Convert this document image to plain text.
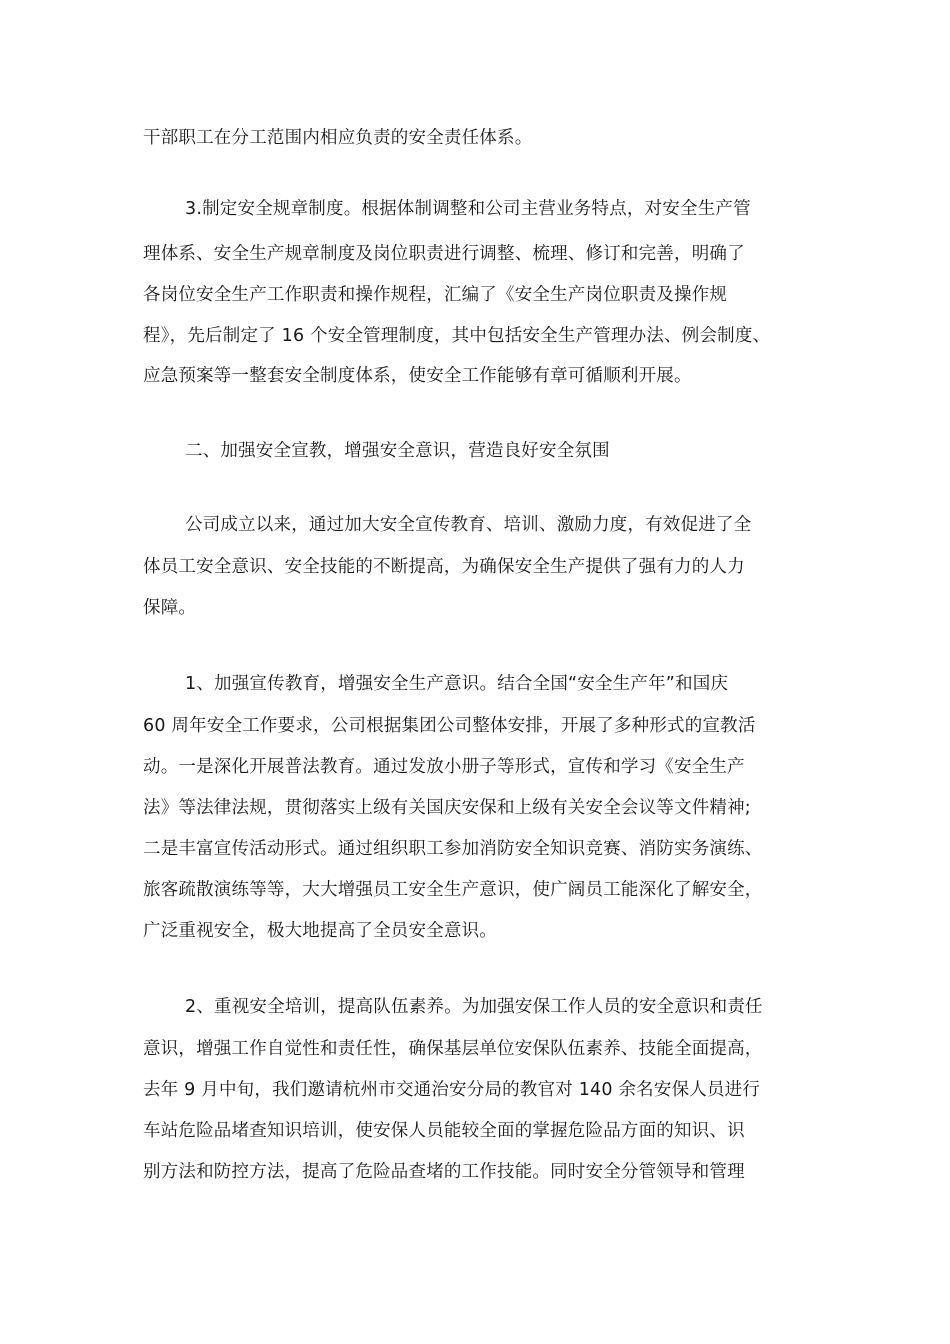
干部职工在分工范围内相应负责的安全责任体系。
3.制定安全规章制度。根据体制调整和公司主营业务特点，对安全生产管
理体系、安全生产规章制度及岗位职责进行调整、梳理、修订和完善，明确了
各岗位安全生产工作职责和操作规程，汇编了《安全生产岗位职责及操作规
程》，先后制定了 16 个安全管理制度，其中包括安全生产管理办法、例会制度、
应急预案等一整套安全制度体系，使安全工作能够有章可循顺利开展。
二、加强安全宣教，增强安全意识，营造良好安全氛围
公司成立以来，通过加大安全宣传教育、培训、激励力度，有效促进了全
体员工安全意识、安全技能的不断提高，为确保安全生产提供了强有力的人力
保障。
1、加强宣传教育，增强安全生产意识。结合全国“安全生产年”和国庆
60 周年安全工作要求，公司根据集团公司整体安排，开展了多种形式的宣教活
动。一是深化开展普法教育。通过发放小册子等形式，宣传和学习《安全生产
法》等法律法规，贯彻落实上级有关国庆安保和上级有关安全会议等文件精神;
二是丰富宣传活动形式。通过组织职工参加消防安全知识竞赛、消防实务演练、
旅客疏散演练等等，大大增强员工安全生产意识，使广阔员工能深化了解安全，
广泛重视安全，极大地提高了全员安全意识。
2、重视安全培训，提高队伍素养。为加强安保工作人员的安全意识和责任
意识，增强工作自觉性和责任性，确保基层单位安保队伍素养、技能全面提高，
去年 9 月中旬，我们邀请杭州市交通治安分局的教官对 140 余名安保人员进行
车站危险品堵查知识培训，使安保人员能较全面的掌握危险品方面的知识、识
别方法和防控方法，提高了危险品查堵的工作技能。同时安全分管领导和管理
